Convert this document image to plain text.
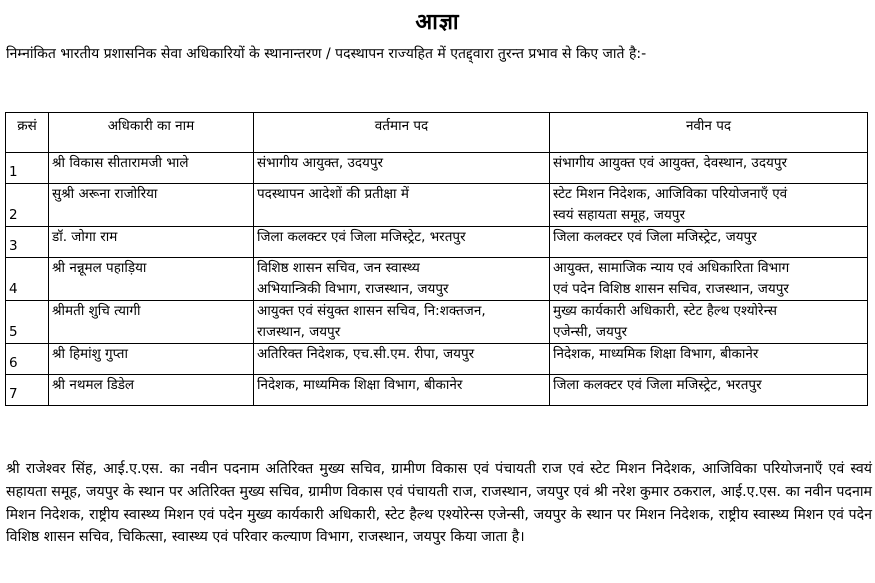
आज्ञा
निम्नांकित भारतीय प्रशासनिक सेवा अधिकारियों के स्थानान्तरण / पदस्थापन राज्यहित में एतद्द्वारा तुरन्त प्रभाव से किए जाते है:-
क्रसं	अधिकारी का नाम	वर्तमान पद	नवीन पद
1	श्री विकास सीतारामजी भाले	संभागीय आयुक्त, उदयपुर	संभागीय आयुक्त एवं आयुक्त, देवस्थान, उदयपुर

2	सुश्री अरूना राजोरिया	पदस्थापन आदेशों की प्रतीक्षा में	स्टेट मिशन निदेशक, आजिविका परियोजनाएँ एवं
स्वयं सहायता समूह, जयपुर

3	डॉ. जोगा राम	जिला कलक्टर एवं जिला मजिस्ट्रेट, भरतपुर	जिला कलक्टर एवं जिला मजिस्ट्रेट, जयपुर

4	श्री नन्नूमल पहाड़िया	विशिष्ठ शासन सचिव, जन स्वास्थ्य
अभियान्त्रिकी विभाग, राजस्थान, जयपुर	आयुक्त, सामाजिक न्याय एवं अधिकारिता विभाग
एवं पदेन विशिष्ठ शासन सचिव, राजस्थान, जयपुर

5	श्रीमती शुचि त्यागी	आयुक्त एवं संयुक्त शासन सचिव, नि:शक्तजन,
राजस्थान, जयपुर	मुख्य कार्यकारी अधिकारी, स्टेट हैल्थ एश्योरेन्स
एजेन्सी, जयपुर

6	श्री हिमांशु गुप्ता	अतिरिक्त निदेशक, एच.सी.एम. रीपा, जयपुर	निदेशक, माध्यमिक शिक्षा विभाग, बीकानेर

7	श्री नथमल डिडेल	निदेशक, माध्यमिक शिक्षा विभाग, बीकानेर	जिला कलक्टर एवं जिला मजिस्ट्रेट, भरतपुर
श्री राजेश्वर सिंह, आई.ए.एस. का नवीन पदनाम अतिरिक्त मुख्य सचिव, ग्रामीण विकास एवं पंचायती राज एवं स्टेट मिशन निदेशक, आजिविका परियोजनाएँ एवं स्वयं सहायता समूह, जयपुर के स्थान पर अतिरिक्त मुख्य सचिव, ग्रामीण विकास एवं पंचायती राज, राजस्थान, जयपुर एवं श्री नरेश कुमार ठकराल, आई.ए.एस. का नवीन पदनाम मिशन निदेशक, राष्ट्रीय स्वास्थ्य मिशन एवं पदेन मुख्य कार्यकारी अधिकारी, स्टेट हैल्थ एश्योरेन्स एजेन्सी, जयपुर के स्थान पर मिशन निदेशक, राष्ट्रीय स्वास्थ्य मिशन एवं पदेन विशिष्ठ शासन सचिव, चिकित्सा, स्वास्थ्य एवं परिवार कल्याण विभाग, राजस्थान, जयपुर किया जाता है।
